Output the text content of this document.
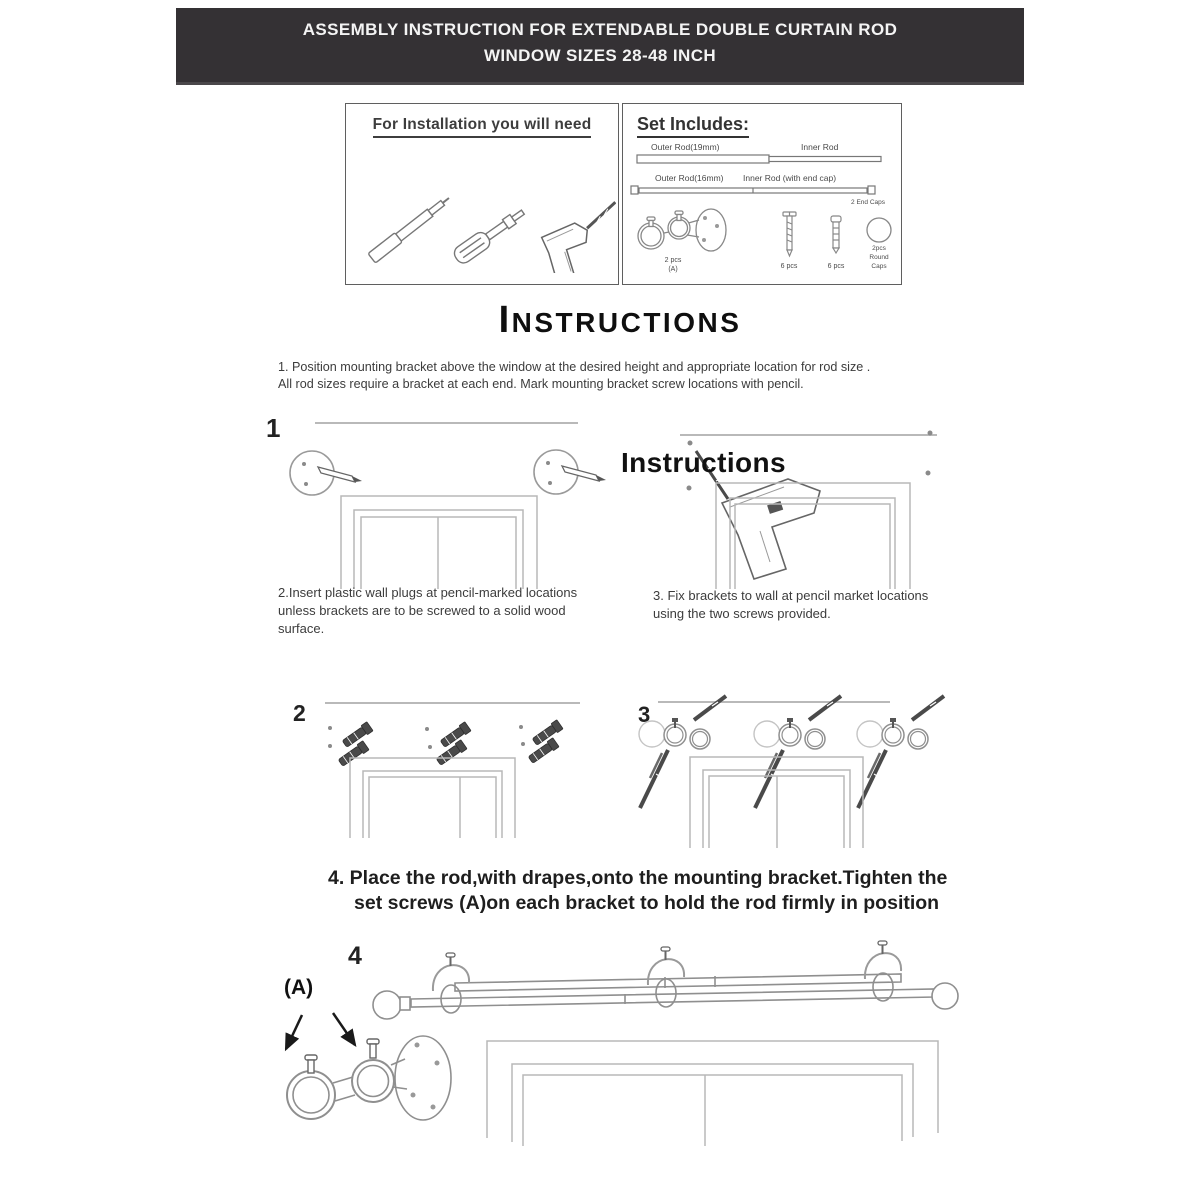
ASSEMBLY INSTRUCTION FOR EXTENDABLE DOUBLE CURTAIN ROD
WINDOW SIZES 28-48 INCH
For Installation you will need	Set Includes:
Outer Rod(19mm)	Inner Rod
Outer Rod(16mm) Inner Rod (with end cap)
2 End Caps
2 pcs
(A)	6 pcs	6 pcs
2pcs
Round
Caps
INSTRUCTIONS
1. Position mounting bracket above the window at the desired height and appropriate location for rod size .
All rod sizes require a bracket at each end. Mark mounting bracket screw locations with pencil.
1
Instructions
2.Insert plastic wall plugs at pencil-marked locations
unless brackets are to be screwed to a solid wood
surface.
3. Fix brackets to wall at pencil market locations
using the two screws provided.
2	3
4. Place the rod,with drapes,onto the mounting bracket.Tighten the
set screws (A)on each bracket to hold the rod firmly in position
4
(A)
